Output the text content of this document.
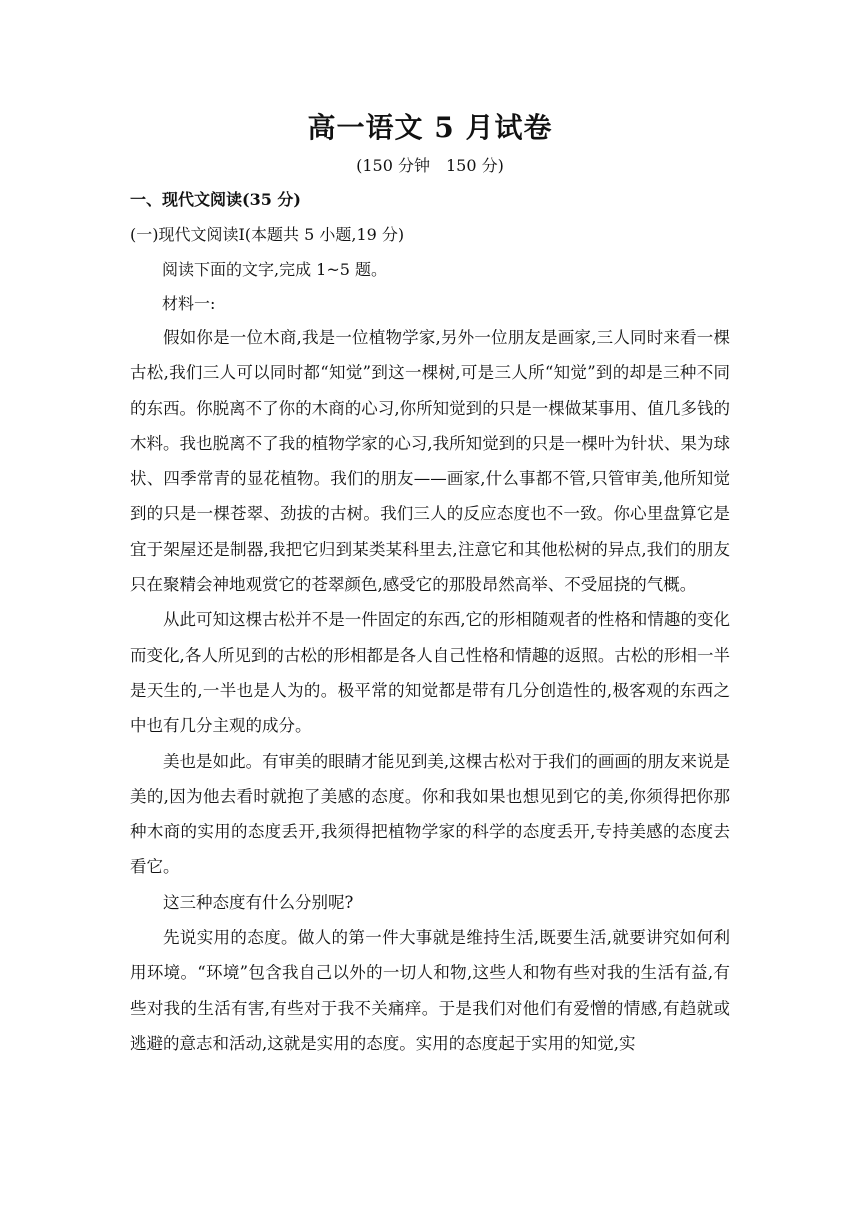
高一语文 5 月试卷
(150 分钟　150 分)
一、现代文阅读(35 分)
(一)现代文阅读Ⅰ(本题共 5 小题,19 分)
阅读下面的文字,完成 1~5 题。
材料一:

假如你是一位木商,我是一位植物学家,另外一位朋友是画家,三人同时来看一棵古松,我们三人可以同时都“知觉”到这一棵树,可是三人所“知觉”到的却是三种不同的东西。你脱离不了你的木商的心习,你所知觉到的只是一棵做某事用、值几多钱的木料。我也脱离不了我的植物学家的心习,我所知觉到的只是一棵叶为针状、果为球状、四季常青的显花植物。我们的朋友——画家,什么事都不管,只管审美,他所知觉到的只是一棵苍翠、劲拔的古树。我们三人的反应态度也不一致。你心里盘算它是宜于架屋还是制器,我把它归到某类某科里去,注意它和其他松树的异点,我们的朋友只在聚精会神地观赏它的苍翠颜色,感受它的那股昂然高举、不受屈挠的气概。

从此可知这棵古松并不是一件固定的东西,它的形相随观者的性格和情趣的变化而变化,各人所见到的古松的形相都是各人自己性格和情趣的返照。古松的形相一半是天生的,一半也是人为的。极平常的知觉都是带有几分创造性的,极客观的东西之中也有几分主观的成分。

美也是如此。有审美的眼睛才能见到美,这棵古松对于我们的画画的朋友来说是美的,因为他去看时就抱了美感的态度。你和我如果也想见到它的美,你须得把你那种木商的实用的态度丢开,我须得把植物学家的科学的态度丢开,专持美感的态度去看它。

这三种态度有什么分别呢?

先说实用的态度。做人的第一件大事就是维持生活,既要生活,就要讲究如何利用环境。“环境”包含我自己以外的一切人和物,这些人和物有些对我的生活有益,有些对我的生活有害,有些对于我不关痛痒。于是我们对他们有爱憎的情感,有趋就或逃避的意志和活动,这就是实用的态度。实用的态度起于实用的知觉,实
